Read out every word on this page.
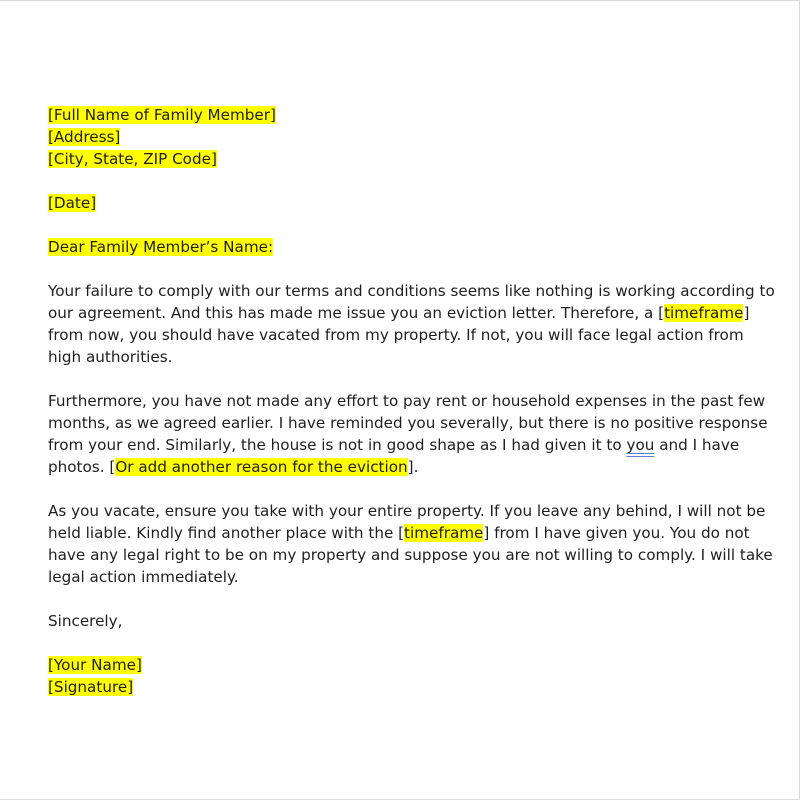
[Full Name of Family Member]
[Address]
[City, State, ZIP Code]
[Date]
Dear Family Member’s Name:
Your failure to comply with our terms and conditions seems like nothing is working according to
our agreement. And this has made me issue you an eviction letter. Therefore, a [timeframe]
from now, you should have vacated from my property. If not, you will face legal action from
high authorities.
Furthermore, you have not made any effort to pay rent or household expenses in the past few
months, as we agreed earlier. I have reminded you severally, but there is no positive response
from your end. Similarly, the house is not in good shape as I had given it to you and I have
photos. [Or add another reason for the eviction].
As you vacate, ensure you take with your entire property. If you leave any behind, I will not be
held liable. Kindly find another place with the [timeframe] from I have given you. You do not
have any legal right to be on my property and suppose you are not willing to comply. I will take
legal action immediately.
Sincerely,
[Your Name]
[Signature]
